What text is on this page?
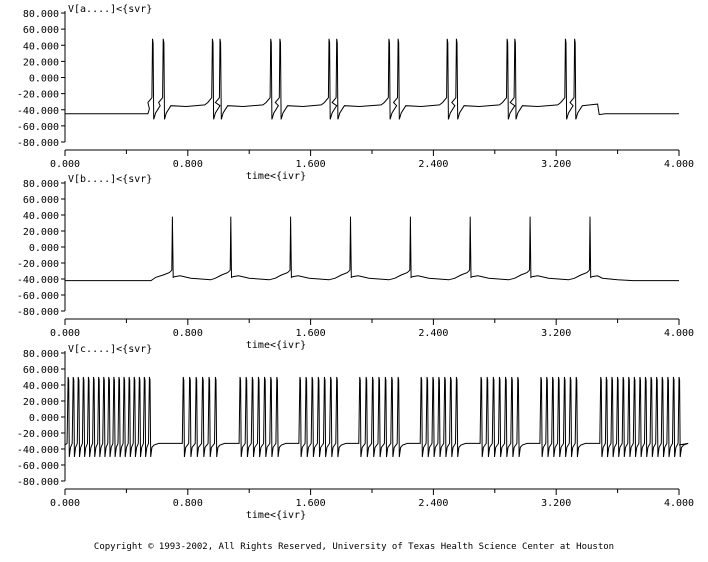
V[a....]<{svr}
80.000
60.000
40.000
20.000
0.000
-20.000
-40.000
-60.000
-80.000
0.000	0.800	1.600	2.400	3.200	4.000
time<{ivr}
V[b....]<{svr}
80.000
60.000
40.000
20.000
0.000
-20.000
-40.000
-60.000
-80.000
0.000	0.800	1.600	2.400	3.200	4.000
time<{ivr}
V[c....]<{svr}
80.000
60.000
40.000
20.000
0.000
-20.000
-40.000
-60.000
-80.000
0.000	0.800	1.600	2.400	3.200	4.000
time<{ivr}
Copyright © 1993-2002, All Rights Reserved, University of Texas Health Science Center at Houston
